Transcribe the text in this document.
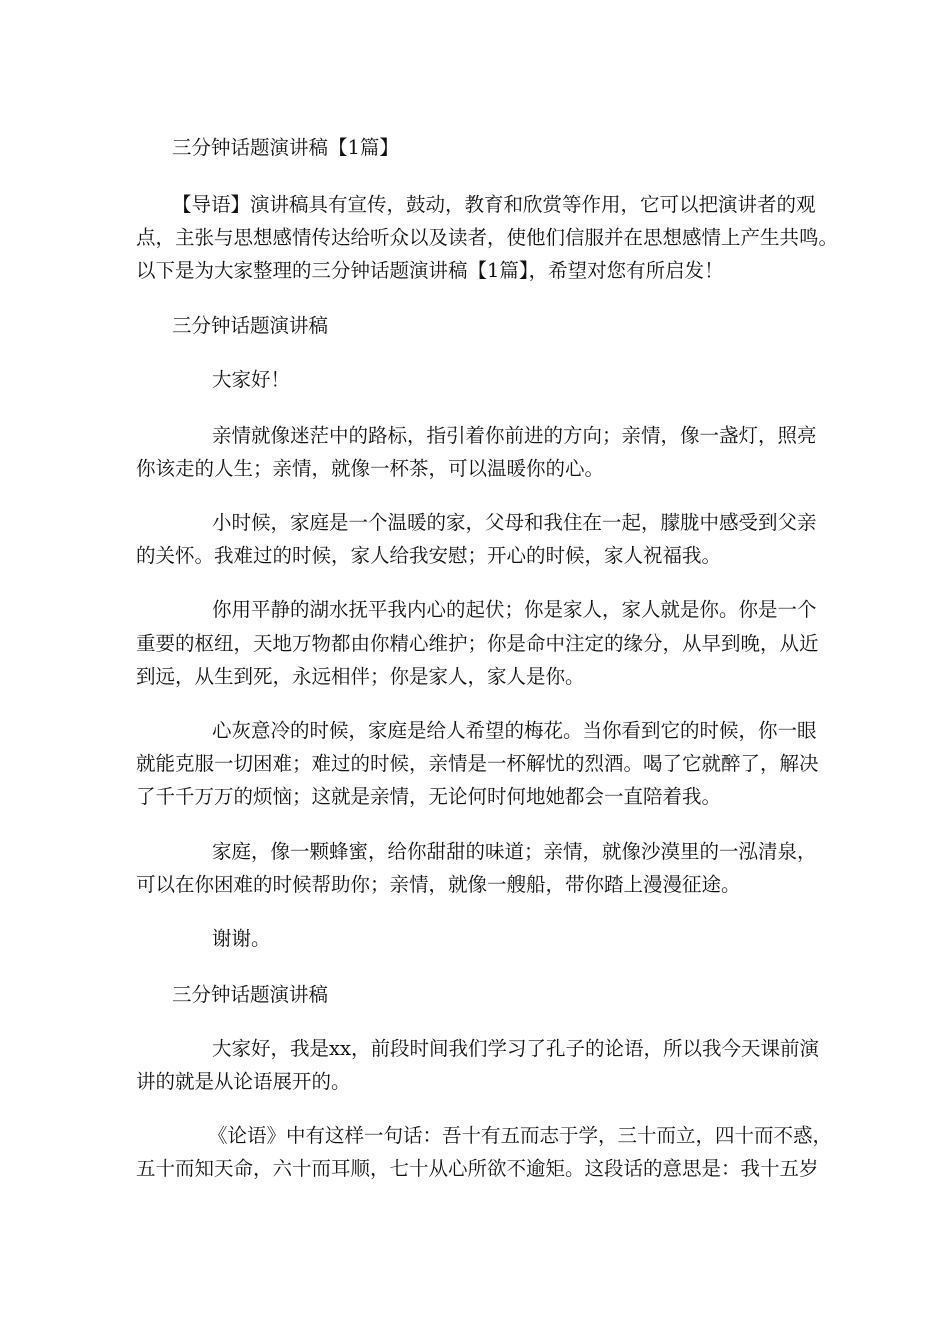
三分钟话题演讲稿【1篇】
【导语】演讲稿具有宣传，鼓动，教育和欣赏等作用，它可以把演讲者的观
点，主张与思想感情传达给听众以及读者，使他们信服并在思想感情上产生共鸣。
以下是为大家整理的三分钟话题演讲稿【1篇】，希望对您有所启发！
三分钟话题演讲稿
大家好！
亲情就像迷茫中的路标，指引着你前进的方向；亲情，像一盏灯，照亮
你该走的人生；亲情，就像一杯茶，可以温暖你的心。
小时候，家庭是一个温暖的家，父母和我住在一起，朦胧中感受到父亲
的关怀。我难过的时候，家人给我安慰；开心的时候，家人祝福我。
你用平静的湖水抚平我内心的起伏；你是家人，家人就是你。你是一个
重要的枢纽，天地万物都由你精心维护；你是命中注定的缘分，从早到晚，从近
到远，从生到死，永远相伴；你是家人，家人是你。
心灰意冷的时候，家庭是给人希望的梅花。当你看到它的时候，你一眼
就能克服一切困难；难过的时候，亲情是一杯解忧的烈酒。喝了它就醉了，解决
了千千万万的烦恼；这就是亲情，无论何时何地她都会一直陪着我。
家庭，像一颗蜂蜜，给你甜甜的味道；亲情，就像沙漠里的一泓清泉，
可以在你困难的时候帮助你；亲情，就像一艘船，带你踏上漫漫征途。
谢谢。
三分钟话题演讲稿
大家好，我是xx，前段时间我们学习了孔子的论语，所以我今天课前演
讲的就是从论语展开的。
《论语》中有这样一句话：吾十有五而志于学，三十而立，四十而不惑，
五十而知天命，六十而耳顺，七十从心所欲不逾矩。这段话的意思是：我十五岁
